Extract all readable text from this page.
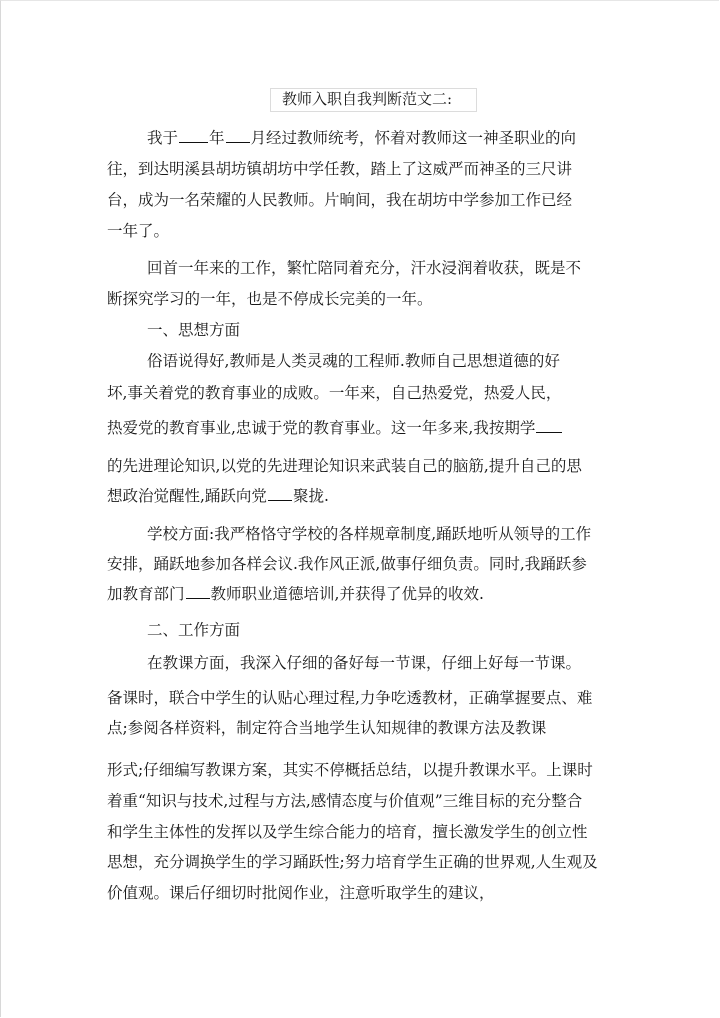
教师入职自我判断范文二:
我于 年 月经过教师统考，怀着对教师这一神圣职业的向
往，到达明溪县胡坊镇胡坊中学任教，踏上了这威严而神圣的三尺讲
台，成为一名荣耀的人民教师。片晌间，我在胡坊中学参加工作已经
一年了。
回首一年来的工作，繁忙陪同着充分，汗水浸润着收获，既是不
断探究学习的一年，也是不停成长完美的一年。
一、思想方面
俗语说得好,教师是人类灵魂的工程师.教师自己思想道德的好
坏,事关着党的教育事业的成败。一年来，自己热爱党，热爱人民，
热爱党的教育事业,忠诚于党的教育事业。这一年多来,我按期学
的先进理论知识,以党的先进理论知识来武装自己的脑筋,提升自己的思
想政治觉醒性,踊跃向党 聚拢.
学校方面:我严格恪守学校的各样规章制度,踊跃地听从领导的工作
安排，踊跃地参加各样会议.我作风正派,做事仔细负责。同时,我踊跃参
加教育部门 教师职业道德培训,并获得了优异的收效.
二、工作方面
在教课方面，我深入仔细的备好每一节课，仔细上好每一节课。
备课时，联合中学生的认贴心理过程,力争吃透教材，正确掌握要点、难
点;参阅各样资料，制定符合当地学生认知规律的教课方法及教课
形式;仔细编写教课方案，其实不停概括总结，以提升教课水平。上课时
着重“知识与技术,过程与方法,感情态度与价值观”三维目标的充分整合
和学生主体性的发挥以及学生综合能力的培育，擅长激发学生的创立性
思想，充分调换学生的学习踊跃性;努力培育学生正确的世界观,人生观及
价值观。课后仔细切时批阅作业，注意听取学生的建议，
